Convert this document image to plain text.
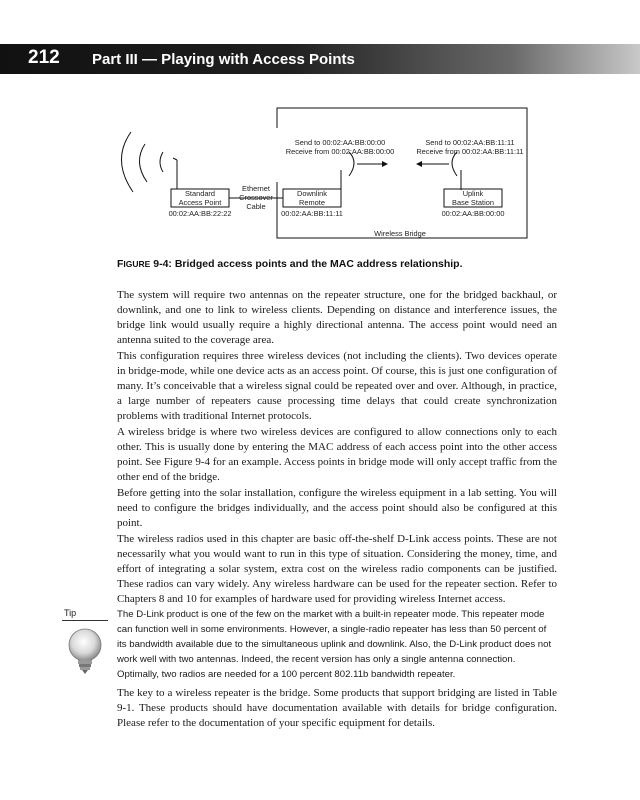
212 Part III — Playing with Access Points
Send to 00:02:AA:BB:00:00
Receive from 00:02:AA:BB:00:00
Send to 00:02:AA:BB:11:11
Receive from 00:02:AA:BB:11:11
Standard
Access Point
00:02:AA:BB:22:22
Ethernet
Crossover
Cable
Downlink
Remote
00:02:AA:BB:11:11
Uplink
Base Station
00:02:AA:BB:00:00
Wireless Bridge
FIGURE 9-4: Bridged access points and the MAC address relationship.

The system will require two antennas on the repeater structure, one for the bridged backhaul, or downlink, and one to link to wireless clients. Depending on distance and interference issues, the bridge link would usually require a highly directional antenna. The access point would need an antenna suited to the coverage area.

This configuration requires three wireless devices (not including the clients). Two devices operate in bridge-mode, while one device acts as an access point. Of course, this is just one configuration of many. It’s conceivable that a wireless signal could be repeated over and over. Although, in practice, a large number of repeaters cause processing time delays that could create synchronization problems with traditional Internet protocols.

A wireless bridge is where two wireless devices are configured to allow connections only to each other. This is usually done by entering the MAC address of each access point into the other access point. See Figure 9-4 for an example. Access points in bridge mode will only accept traffic from the other end of the bridge.

Before getting into the solar installation, configure the wireless equipment in a lab setting. You will need to configure the bridges individually, and the access point should also be configured at this point.

The wireless radios used in this chapter are basic off-the-shelf D-Link access points. These are not necessarily what you would want to run in this type of situation. Considering the money, time, and effort of integrating a solar system, extra cost on the wireless radio components can be justified. These radios can vary widely. Any wireless hardware can be used for the repeater section. Refer to Chapters 8 and 10 for examples of hardware used for providing wireless Internet access.

Tip	The D-Link product is one of the few on the market with a built-in repeater mode. This repeater mode can function well in some environments. However, a single-radio repeater has less than 50 percent of its bandwidth available due to the simultaneous uplink and downlink. Also, the D-Link product does not work well with two antennas. Indeed, the recent version has only a single antenna connection. Optimally, two radios are needed for a 100 percent 802.11b bandwidth repeater.

The key to a wireless repeater is the bridge. Some products that support bridging are listed in Table 9-1. These products should have documentation available with details for bridge configuration. Please refer to the documentation of your specific equipment for details.
